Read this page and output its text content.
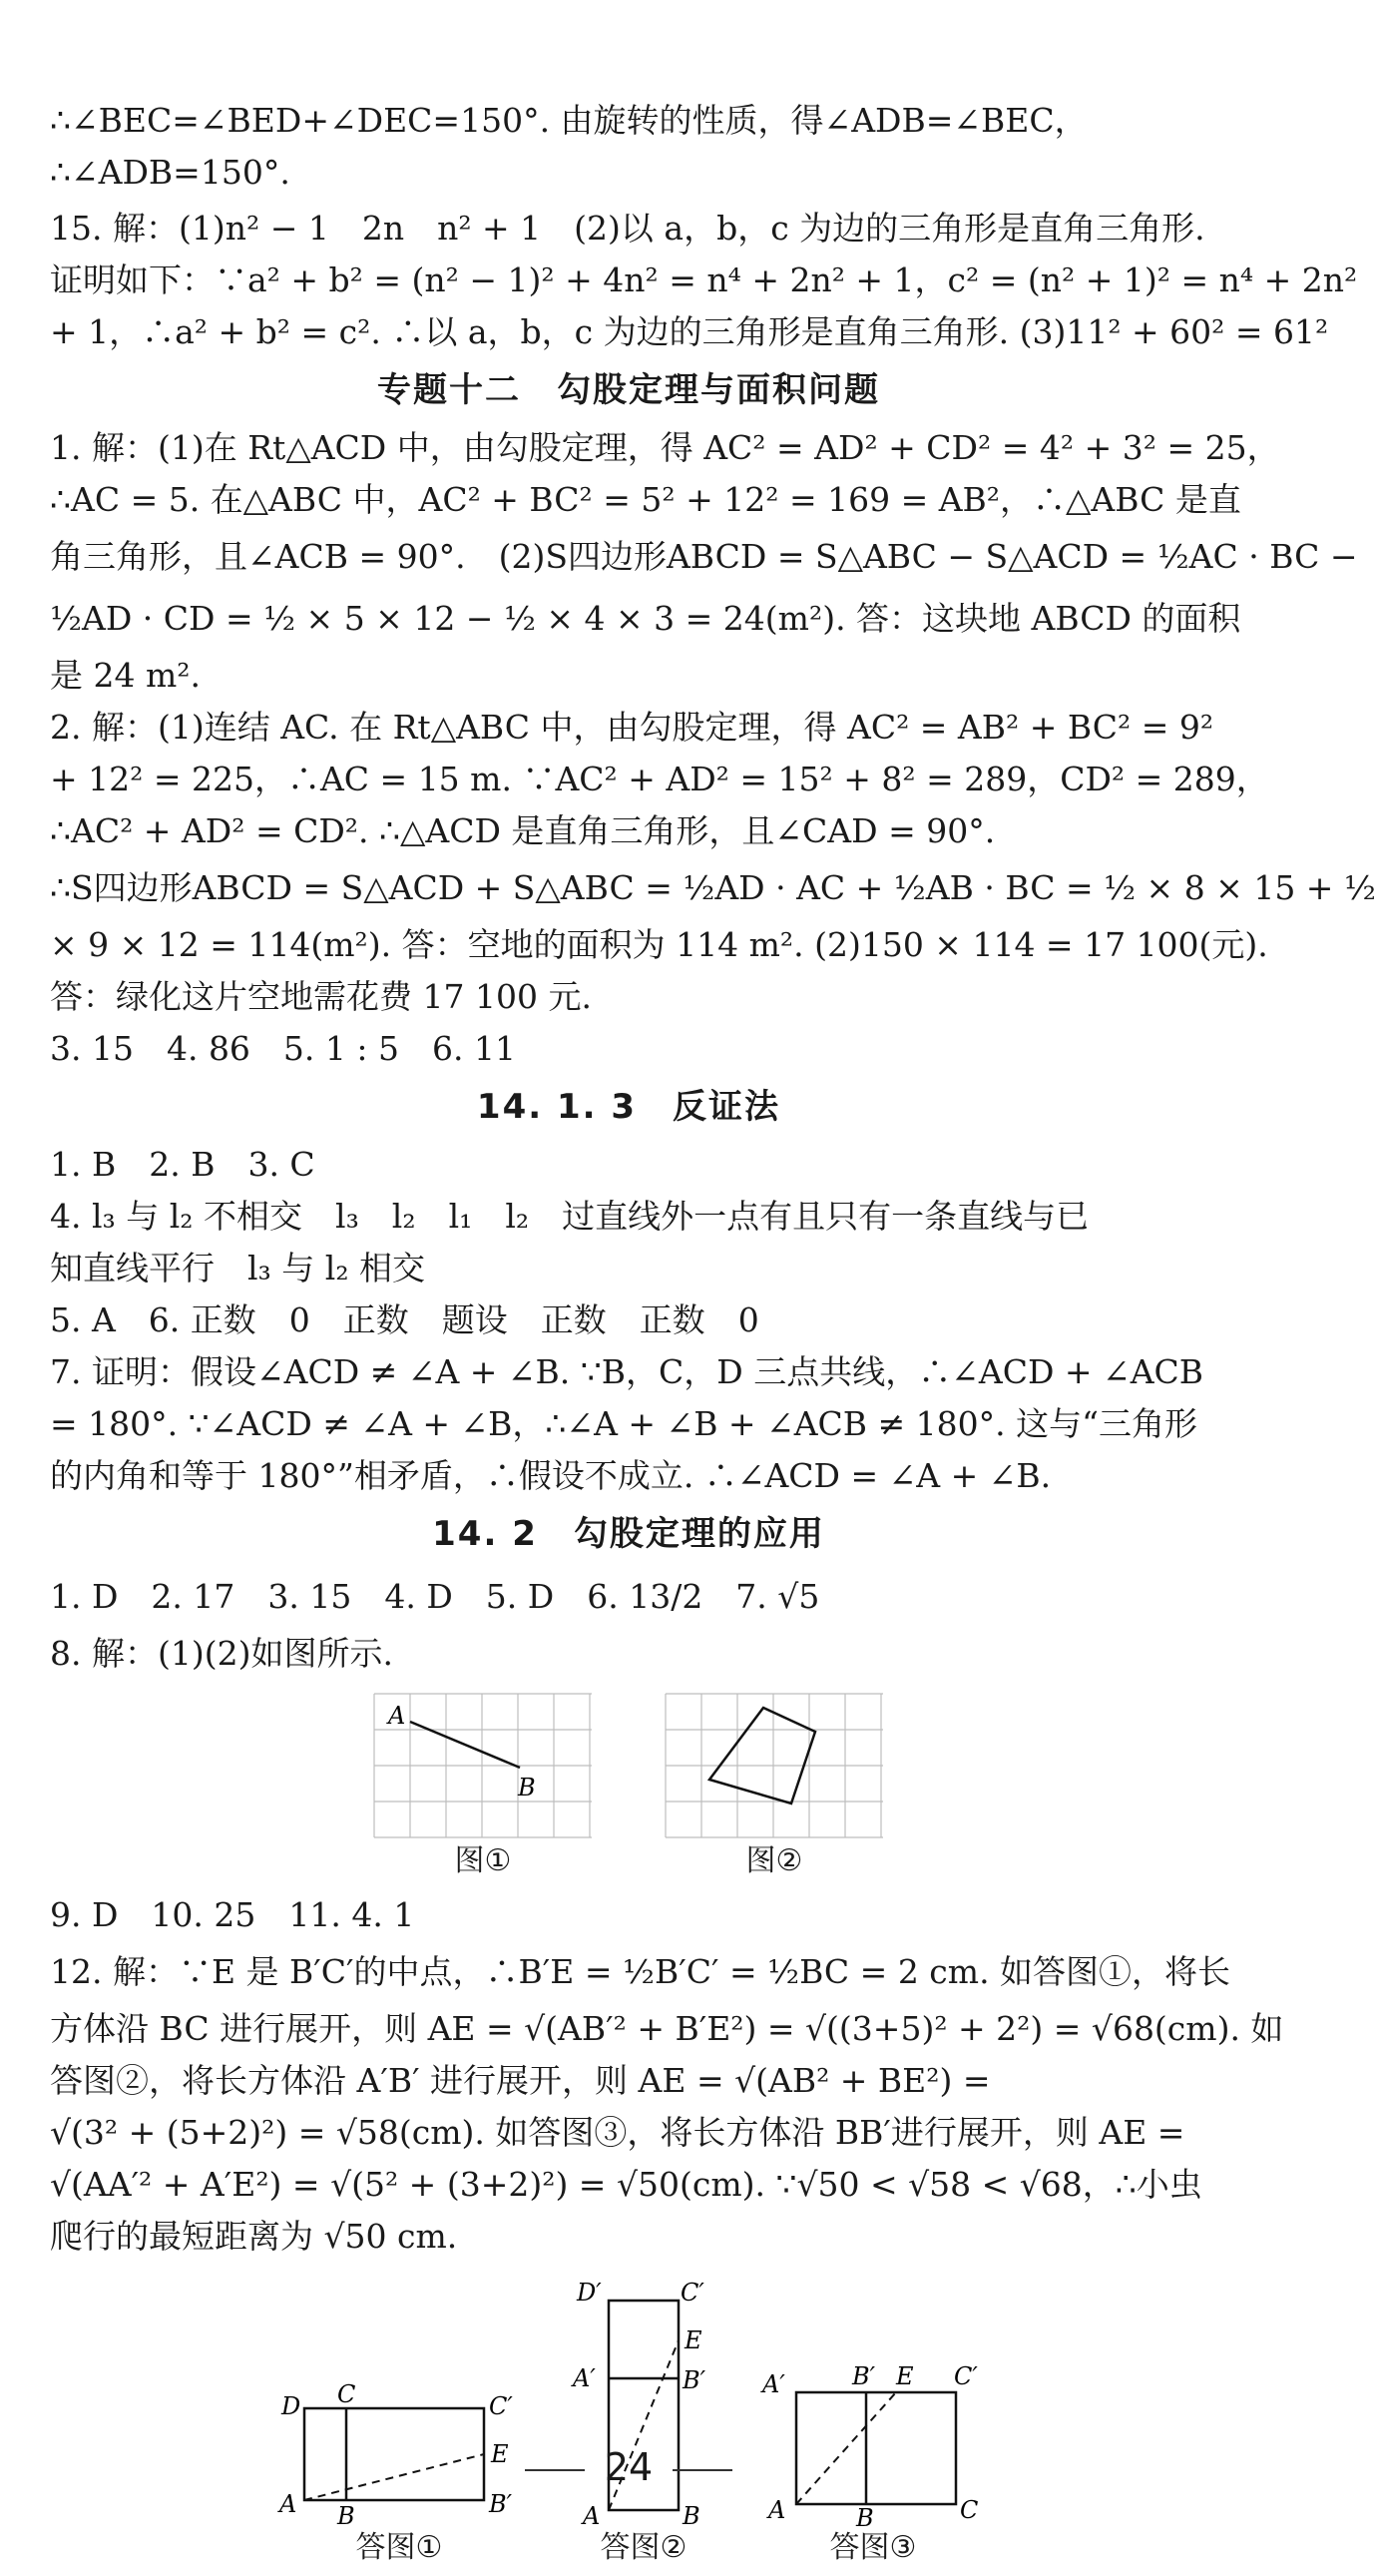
∴∠BEC=∠BED+∠DEC=150°. 由旋转的性质，得∠ADB=∠BEC，
∴∠ADB=150°.
15. 解：(1)n² − 1　2n　n² + 1　(2)以 a，b，c 为边的三角形是直角三角形.
证明如下：∵a² + b² = (n² − 1)² + 4n² = n⁴ + 2n² + 1，c² = (n² + 1)² = n⁴ + 2n²
+ 1，∴a² + b² = c². ∴以 a，b，c 为边的三角形是直角三角形. (3)11² + 60² = 61²
专题十二　勾股定理与面积问题
1. 解：(1)在 Rt△ACD 中，由勾股定理，得 AC² = AD² + CD² = 4² + 3² = 25，
∴AC = 5. 在△ABC 中，AC² + BC² = 5² + 12² = 169 = AB²，∴△ABC 是直
角三角形，且∠ACB = 90°.　(2)S四边形ABCD = S△ABC − S△ACD = ½AC · BC −
½AD · CD = ½ × 5 × 12 − ½ × 4 × 3 = 24(m²). 答：这块地 ABCD 的面积
是 24 m².
2. 解：(1)连结 AC. 在 Rt△ABC 中，由勾股定理，得 AC² = AB² + BC² = 9²
+ 12² = 225，∴AC = 15 m. ∵AC² + AD² = 15² + 8² = 289，CD² = 289，
∴AC² + AD² = CD². ∴△ACD 是直角三角形，且∠CAD = 90°.
∴S四边形ABCD = S△ACD + S△ABC = ½AD · AC + ½AB · BC = ½ × 8 × 15 + ½
× 9 × 12 = 114(m²). 答：空地的面积为 114 m². (2)150 × 114 = 17 100(元).
答：绿化这片空地需花费 17 100 元.
3. 15　4. 86　5. 1 : 5　6. 11
14. 1. 3　反证法
1. B　2. B　3. C
4. l₃ 与 l₂ 不相交　l₃　l₂　l₁　l₂　过直线外一点有且只有一条直线与已
知直线平行　l₃ 与 l₂ 相交
5. A　6. 正数　0　正数　题设　正数　正数　0
7. 证明：假设∠ACD ≠ ∠A + ∠B. ∵B，C，D 三点共线，∴∠ACD + ∠ACB
= 180°. ∵∠ACD ≠ ∠A + ∠B，∴∠A + ∠B + ∠ACB ≠ 180°. 这与“三角形
的内角和等于 180°”相矛盾，∴假设不成立. ∴∠ACD = ∠A + ∠B.
14. 2　勾股定理的应用
1. D　2. 17　3. 15　4. D　5. D　6. 13/2　7. √5
8. 解：(1)(2)如图所示.
A
B
图①	图②
9. D　10. 25　11. 4. 1
12. 解：∵E 是 B′C′的中点，∴B′E = ½B′C′ = ½BC = 2 cm. 如答图①，将长
方体沿 BC 进行展开，则 AE = √(AB′² + B′E²) = √((3+5)² + 2²) = √68(cm). 如
答图②，将长方体沿 A′B′ 进行展开，则 AE = √(AB² + BE²) =
√(3² + (5+2)²) = √58(cm). 如答图③，将长方体沿 BB′进行展开，则 AE =
√(AA′² + A′E²) = √(5² + (3+2)²) = √50(cm). ∵√50 < √58 < √68，∴小虫
爬行的最短距离为 √50 cm.
D C	C′
E
A B	B′
答图①
D′	C′
E
A′	B′
A	B
答图②
A′	B′ E C′
A	B	C
答图③
24
